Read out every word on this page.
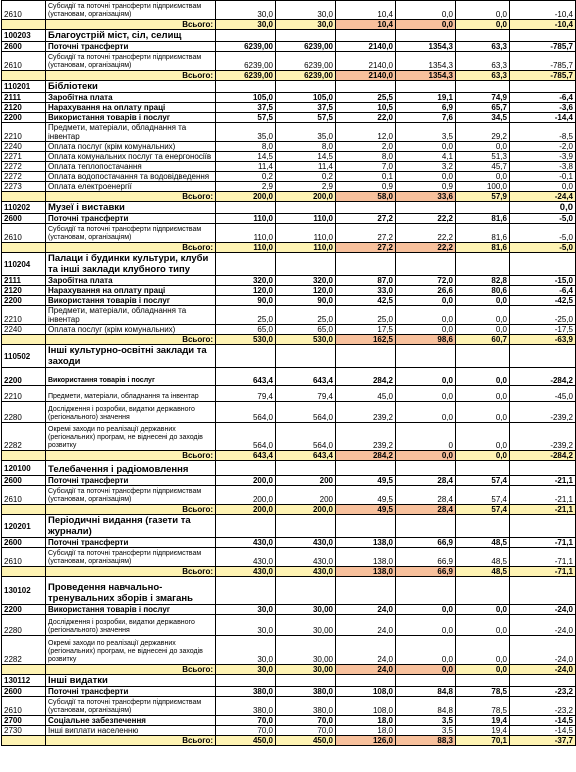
2610	Субсидії та поточні трансферти підприємствам (установам, організаціям)	30,0	30,0	10,4	0,0	0,0	-10,4
	Всього:	30,0	30,0	10,4	0,0	0,0	-10,4
100203	Благоустрій міст, сіл, селищ						
2600	Поточні трансферти	6239,00	6239,00	2140,0	1354,3	63,3	-785,7
2610	Субсидії та поточні трансферти підприємствам (установам, організаціям)	6239,00	6239,00	2140,0	1354,3	63,3	-785,7
	Всього:	6239,00	6239,00	2140,0	1354,3	63,3	-785,7
110201	Бібліотеки						
2111	Заробітна плата	105,0	105,0	25,5	19,1	74,9	-6,4
2120	Нарахування на оплату праці	37,5	37,5	10,5	6,9	65,7	-3,6
2200	Використання товарів і послуг	57,5	57,5	22,0	7,6	34,5	-14,4
2210	Предмети, матеріали, обладнання та інвентар	35,0	35,0	12,0	3,5	29,2	-8,5
2240	Оплата послуг (крім комунальних)	8,0	8,0	2,0	0,0	0,0	-2,0
2271	Оплата комунальних послуг та енергоносіїв	14,5	14,5	8,0	4,1	51,3	-3,9
2272	Оплата теплопостачання	11,4	11,4	7,0	3,2	45,7	-3,8
2272	Оплата водопостачання та водовідведення	0,2	0,2	0,1	0,0	0,0	-0,1
2273	Оплата електроенергії	2,9	2,9	0,9	0,9	100,0	0,0
	Всього:	200,0	200,0	58,0	33,6	57,9	-24,4
110202	Музеї і виставки						0,0
2600	Поточні трансферти	110,0	110,0	27,2	22,2	81,6	-5,0
2610	Субсидії та поточні трансферти підприємствам (установам, організаціям)	110,0	110,0	27,2	22,2	81,6	-5,0
	Всього:	110,0	110,0	27,2	22,2	81,6	-5,0
110204	Палаци і будинки культури, клуби та інші заклади клубного типу						
2111	Заробітна плата	320,0	320,0	87,0	72,0	82,8	-15,0
2120	Нарахування на оплату праці	120,0	120,0	33,0	26,6	80,6	-6,4
2200	Використання товарів і послуг	90,0	90,0	42,5	0,0	0,0	-42,5
2210	Предмети, матеріали, обладнання та інвентар	25,0	25,0	25,0	0,0	0,0	-25,0
2240	Оплата послуг (крім комунальних)	65,0	65,0	17,5	0,0	0,0	-17,5
	Всього:	530,0	530,0	162,5	98,6	60,7	-63,9
110502	Інші культурно-освітні заклади та заходи						
2200	Використання товарів і послуг	643,4	643,4	284,2	0,0	0,0	-284,2
2210	Предмети, матеріали, обладнання та інвентар	79,4	79,4	45,0	0,0	0,0	-45,0
2280	Дослідження і розробки, видатки державного (регіонального) значення	564,0	564,0	239,2	0,0	0,0	-239,2
2282	Окремі заходи по реалізації державних (регіональних) програм, не віднесені до заходів розвитку	564,0	564,0	239,2	0	0,0	-239,2
	Всього:	643,4	643,4	284,2	0,0	0,0	-284,2
120100	Телебачення і радіомовлення						
2600	Поточні трансферти	200,0	200	49,5	28,4	57,4	-21,1
2610	Субсидії та поточні трансферти підприємствам (установам, організаціям)	200,0	200	49,5	28,4	57,4	-21,1
	Всього:	200,0	200,0	49,5	28,4	57,4	-21,1
120201	Періодичні видання (газети та журнали)						
2600	Поточні трансферти	430,0	430,0	138,0	66,9	48,5	-71,1
2610	Субсидії та поточні трансферти підприємствам (установам, організаціям)	430,0	430,0	138,0	66,9	48,5	-71,1
	Всього:	430,0	430,0	138,0	66,9	48,5	-71,1
130102	Проведення навчально-тренувальних зборів і змагань						
2200	Використання товарів і послуг	30,0	30,00	24,0	0,0	0,0	-24,0
2280	Дослідження і розробки, видатки державного (регіонального) значення	30,0	30,00	24,0	0,0	0,0	-24,0
2282	Окремі заходи по реалізації державних (регіональних) програм, не віднесені до заходів розвитку	30,0	30,00	24,0	0,0	0,0	-24,0
	Всього:	30,0	30,00	24,0	0,0	0,0	-24,0
130112	Інші видатки						
2600	Поточні трансферти	380,0	380,0	108,0	84,8	78,5	-23,2
2610	Субсидії та поточні трансферти підприємствам (установам, організаціям)	380,0	380,0	108,0	84,8	78,5	-23,2
2700	Соціальне забезпечення	70,0	70,0	18,0	3,5	19,4	-14,5
2730	Інші виплати населенню	70,0	70,0	18,0	3,5	19,4	-14,5
	Всього:	450,0	450,0	126,0	88,3	70,1	-37,7
